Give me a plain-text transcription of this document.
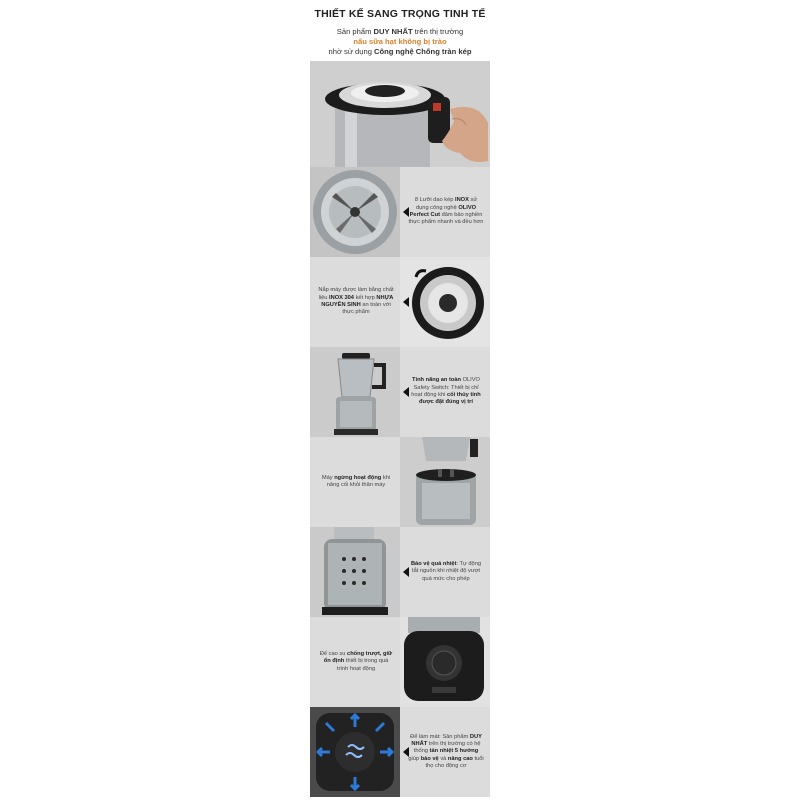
THIẾT KẾ SANG TRỌNG TINH TẾ
Sản phẩm DUY NHẤT trên thị trường
nấu sữa hạt không bị trào
nhờ sử dụng Công nghệ Chống tràn kép
8 Lưỡi dao kép INOX sử dụng công nghệ OLIVO Perfect Cut đảm bảo nghiền thực phẩm nhanh và đều hơn
Nắp máy được làm bằng chất liệu INOX 304 kết hợp NHỰA NGUYÊN SINH an toàn với thực phẩm
Tính năng an toàn OLIVO Safety Switch: Thiết bị chỉ hoạt động khi cối thủy tinh được đặt đúng vị trí
Máy ngừng hoạt động khi nâng cối khỏi thân máy
Bảo vệ quá nhiệt: Tự động tắt nguồn khi nhiệt độ vượt quá mức cho phép
Đế cao su chống trượt, giữ ổn định thiết bị trong quá trình hoạt động
Để làm mát: Sản phẩm DUY NHẤT trên thị trường có hệ thống tản nhiệt 5 hướng giúp bảo vệ và nâng cao tuổi thọ cho động cơ
